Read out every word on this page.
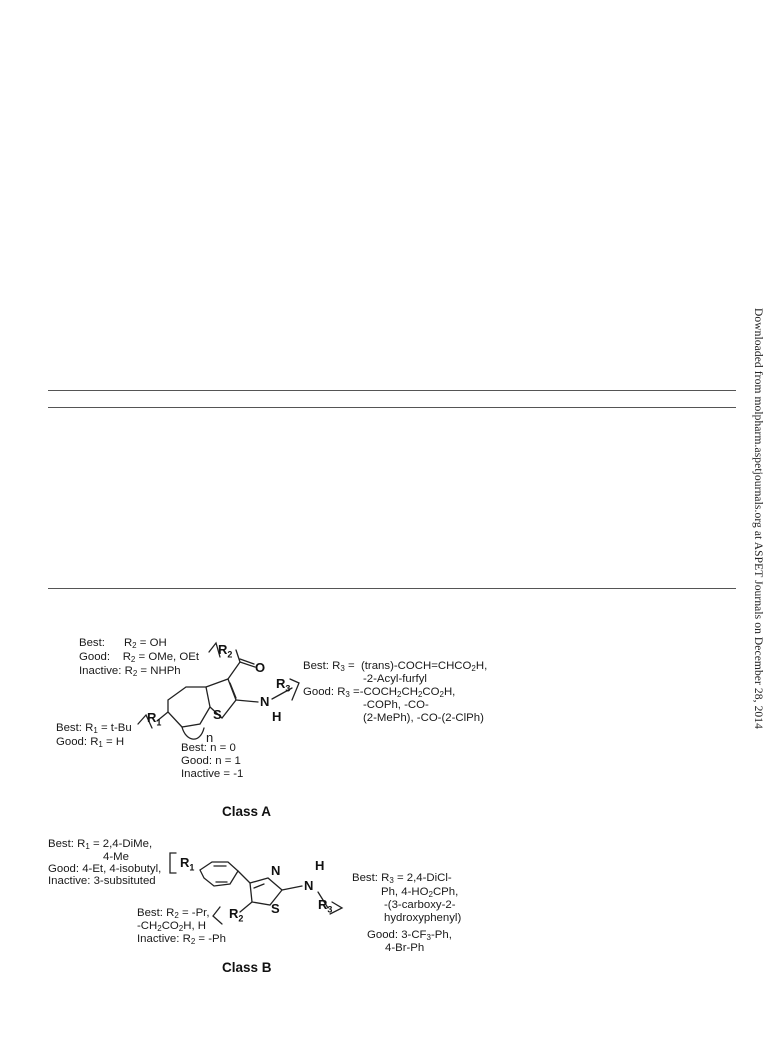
Downloaded from molpharm.aspetjournals.org at ASPET Journals on December 28, 2014
Best:      $R_2$ = OH
Good:    $R_2$ = OMe, OEt
Inactive: $R_2$ = NHPh
$R_2$
O
S
N
H
$R_3$
$R_1$
n
Best: $R_1 = t-Bu$
Good: $R_1 = H$	Best: n = 0
Good: n = 1
Inactive = -1
Best: $R_3$ =  $(trans)-COCH=CHCO_2H$,
-2-Acyl-furfyl
Good: $R_3$ $=-COCH_2CH_2CO_2H$,
-COPh, -CO-
(2-MePh), -CO-(2-ClPh)
Class A
Best: $R_1$ = 2,4-DiMe,
4-Me
Good: 4-Et, 4-isobutyl,
Inactive: 3-subsituted
$R_1$	N
S
N
H
$R_3$
$R_2$
Best: $R_2 = -Pr$,
$-CH_2CO_2H$, H
Inactive: $R_2 = -Ph$
Best: $R_3$ = 2,4-DiCl-
Ph, $4-HO_2CPh$,
-(3-carboxy-2-
hydroxyphenyl)
Good: $3-CF_3-Ph$,
4-Br-Ph
Class B
